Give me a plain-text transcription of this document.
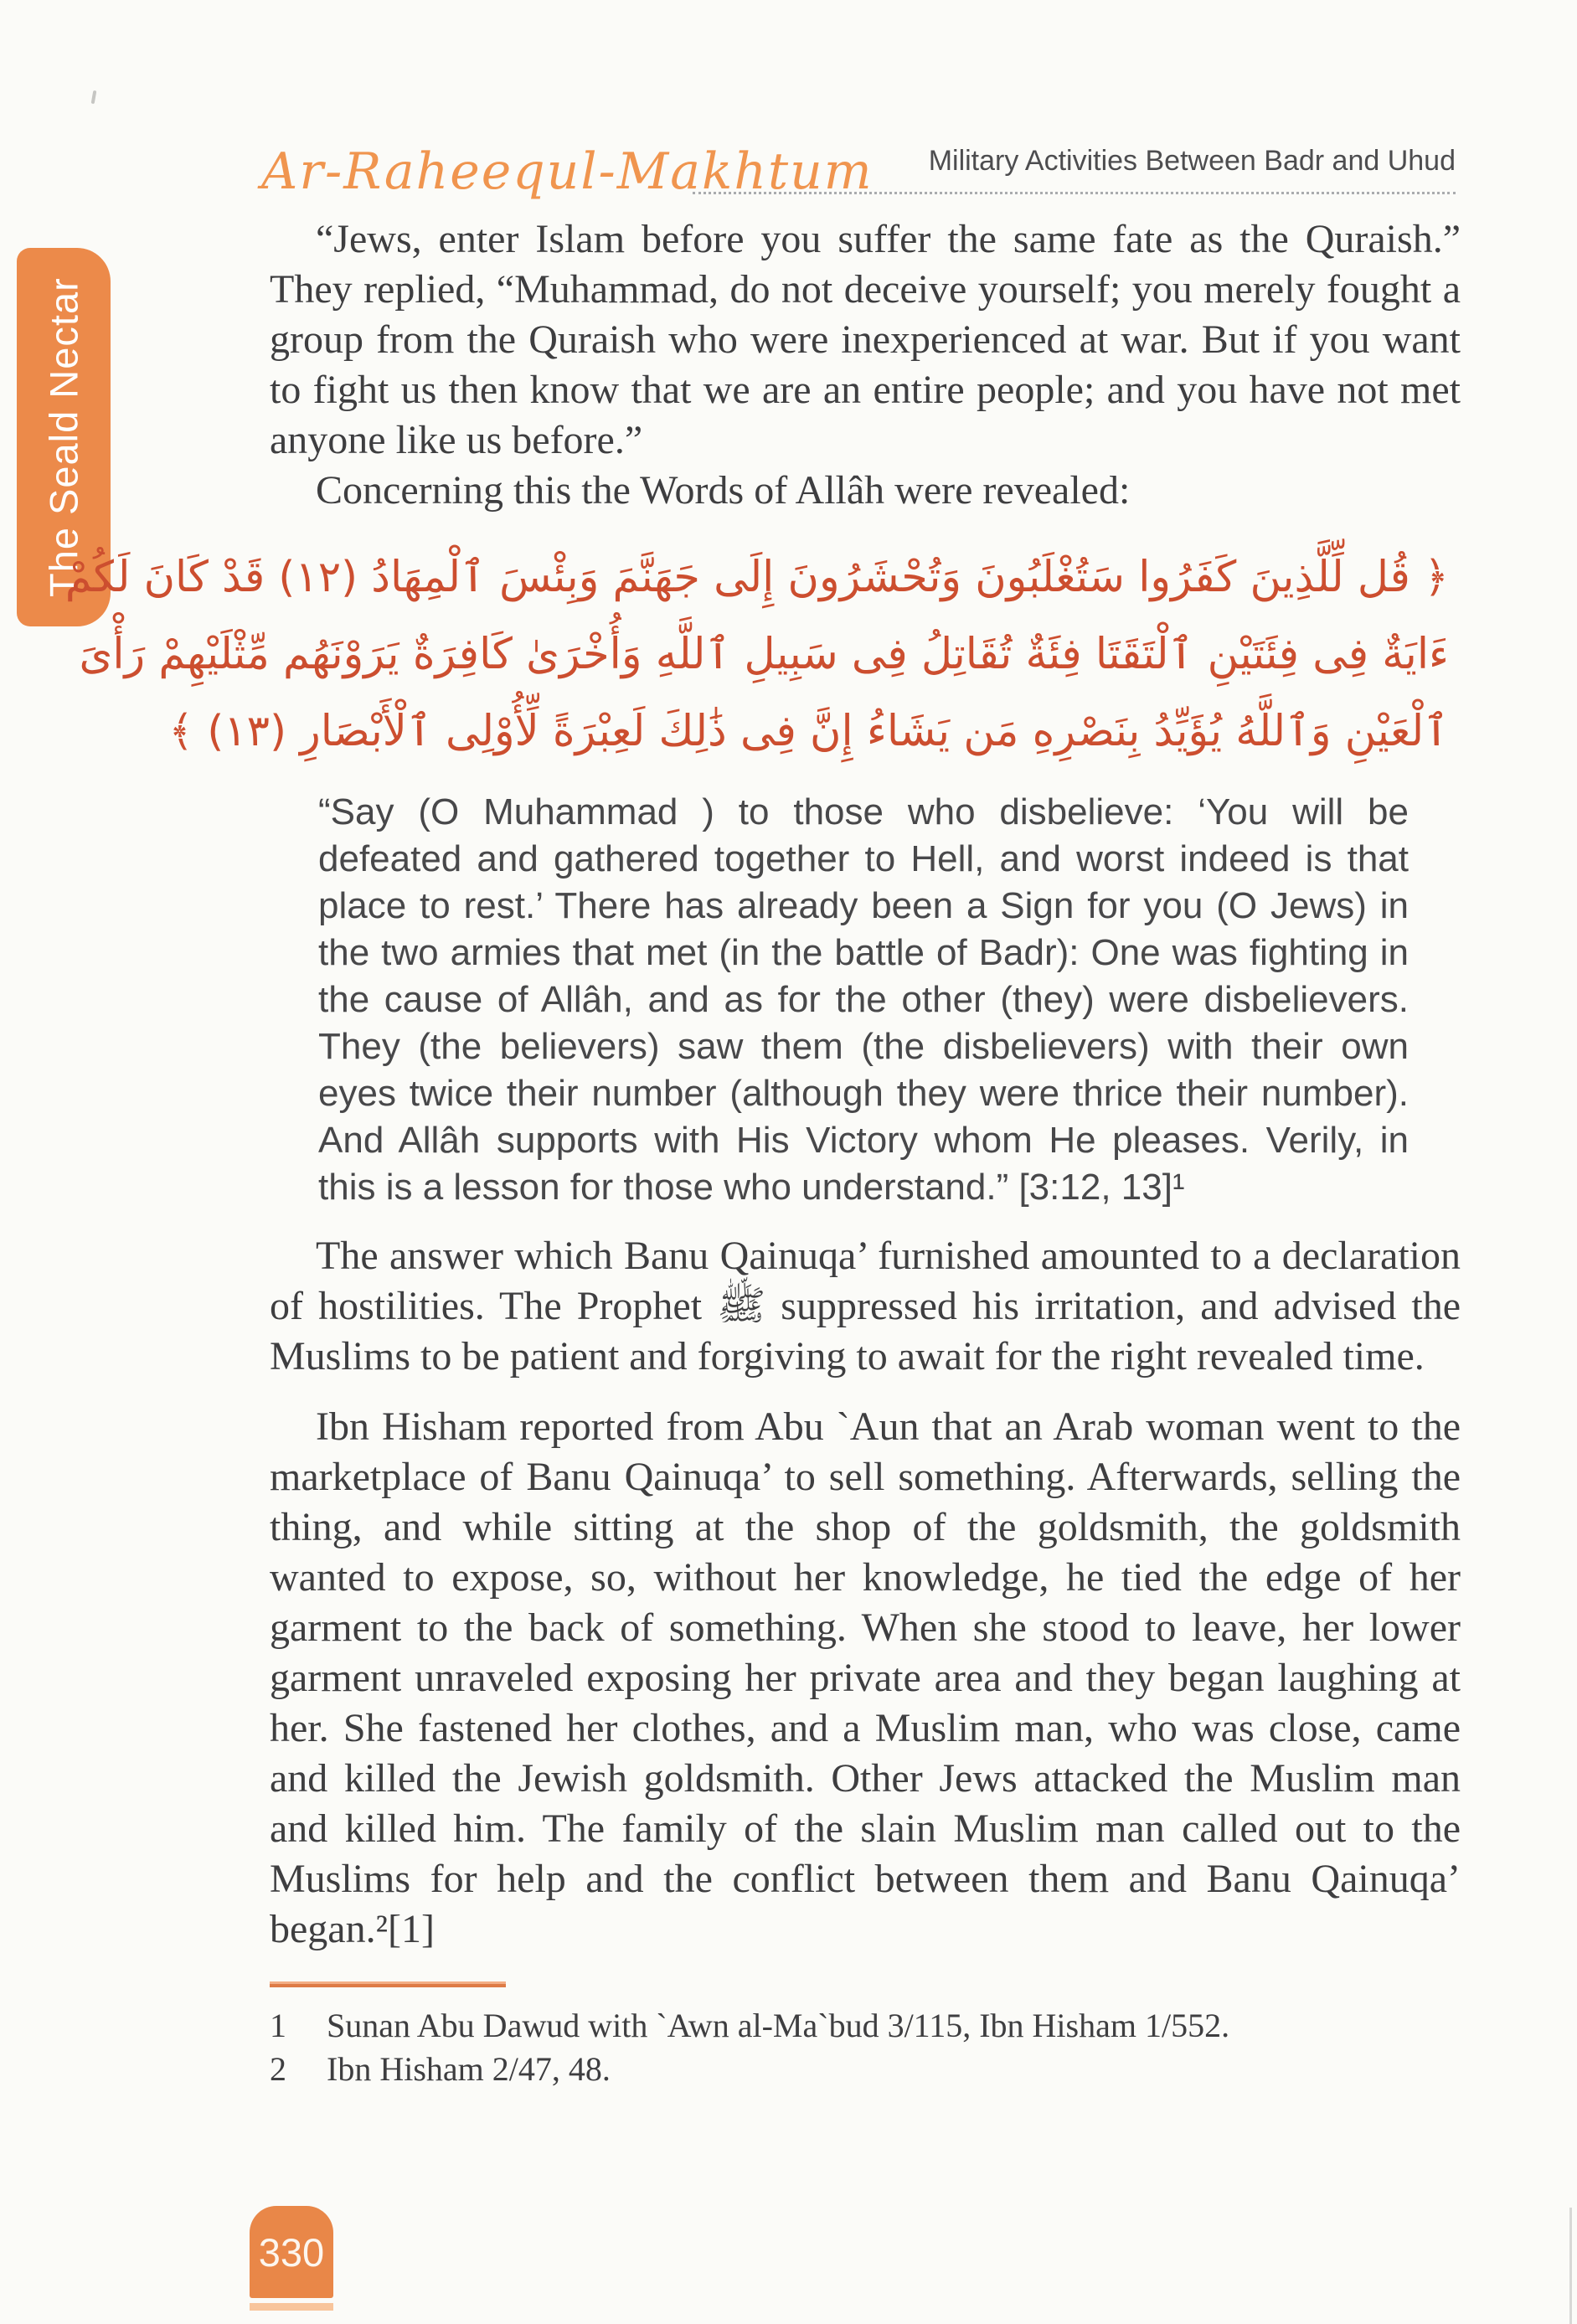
The Seald Nectar
Ar-Raheequl-Makhtum Military Activities Between Badr and Uhud

“Jews, enter Islam before you suffer the same fate as the Quraish.” They replied, “Muhammad, do not deceive yourself; you merely fought a group from the Quraish who were inexperienced at war. But if you want to fight us then know that we are an entire people; and you have not met anyone like us before.”

Concerning this the Words of Allâh were revealed:

﴿ قُل لِّلَّذِينَ كَفَرُوا سَتُغْلَبُونَ وَتُحْشَرُونَ إِلَى جَهَنَّمَ وَبِئْسَ ٱلْمِهَادُ (١٢) قَدْ كَانَ لَكُمْ
ءَايَةٌ فِى فِئَتَيْنِ ٱلْتَقَتَا فِئَةٌ تُقَاتِلُ فِى سَبِيلِ ٱللَّهِ وَأُخْرَىٰ كَافِرَةٌ يَرَوْنَهُم مِّثْلَيْهِمْ رَأْىَ
ٱلْعَيْنِ وَٱللَّهُ يُؤَيِّدُ بِنَصْرِهِ مَن يَشَاءُ إِنَّ فِى ذَٰلِكَ لَعِبْرَةً لِّأُوْلِى ٱلْأَبْصَارِ (١٣) ﴾

“Say (O Muhammad ) to those who disbelieve: ‘You will be defeated and gathered together to Hell, and worst indeed is that place to rest.’ There has already been a Sign for you (O Jews) in the two armies that met (in the battle of Badr): One was fighting in the cause of Allâh, and as for the other (they) were disbelievers. They (the believers) saw them (the disbelievers) with their own eyes twice their number (although they were thrice their number). And Allâh supports with His Victory whom He pleases. Verily, in this is a lesson for those who understand.” [3:12, 13]¹

The answer which Banu Qainuqa’ furnished amounted to a declaration of hostilities. The Prophet ﷺ suppressed his irritation, and advised the Muslims to be patient and forgiving to await for the right revealed time.

Ibn Hisham reported from Abu `Aun that an Arab woman went to the marketplace of Banu Qainuqa’ to sell something. Afterwards, selling the thing, and while sitting at the shop of the goldsmith, the goldsmith wanted to expose, so, without her knowledge, he tied the edge of her garment to the back of something. When she stood to leave, her lower garment unraveled exposing her private area and they began laughing at her. She fastened her clothes, and a Muslim man, who was close, came and killed the Jewish goldsmith. Other Jews attacked the Muslim man and killed him. The family of the slain Muslim man called out to the Muslims for help and the conflict between them and Banu Qainuqa’ began.²[1]

1	Sunan Abu Dawud with `Awn al-Ma`bud 3/115, Ibn Hisham 1/552.
2	Ibn Hisham 2/47, 48.
330
